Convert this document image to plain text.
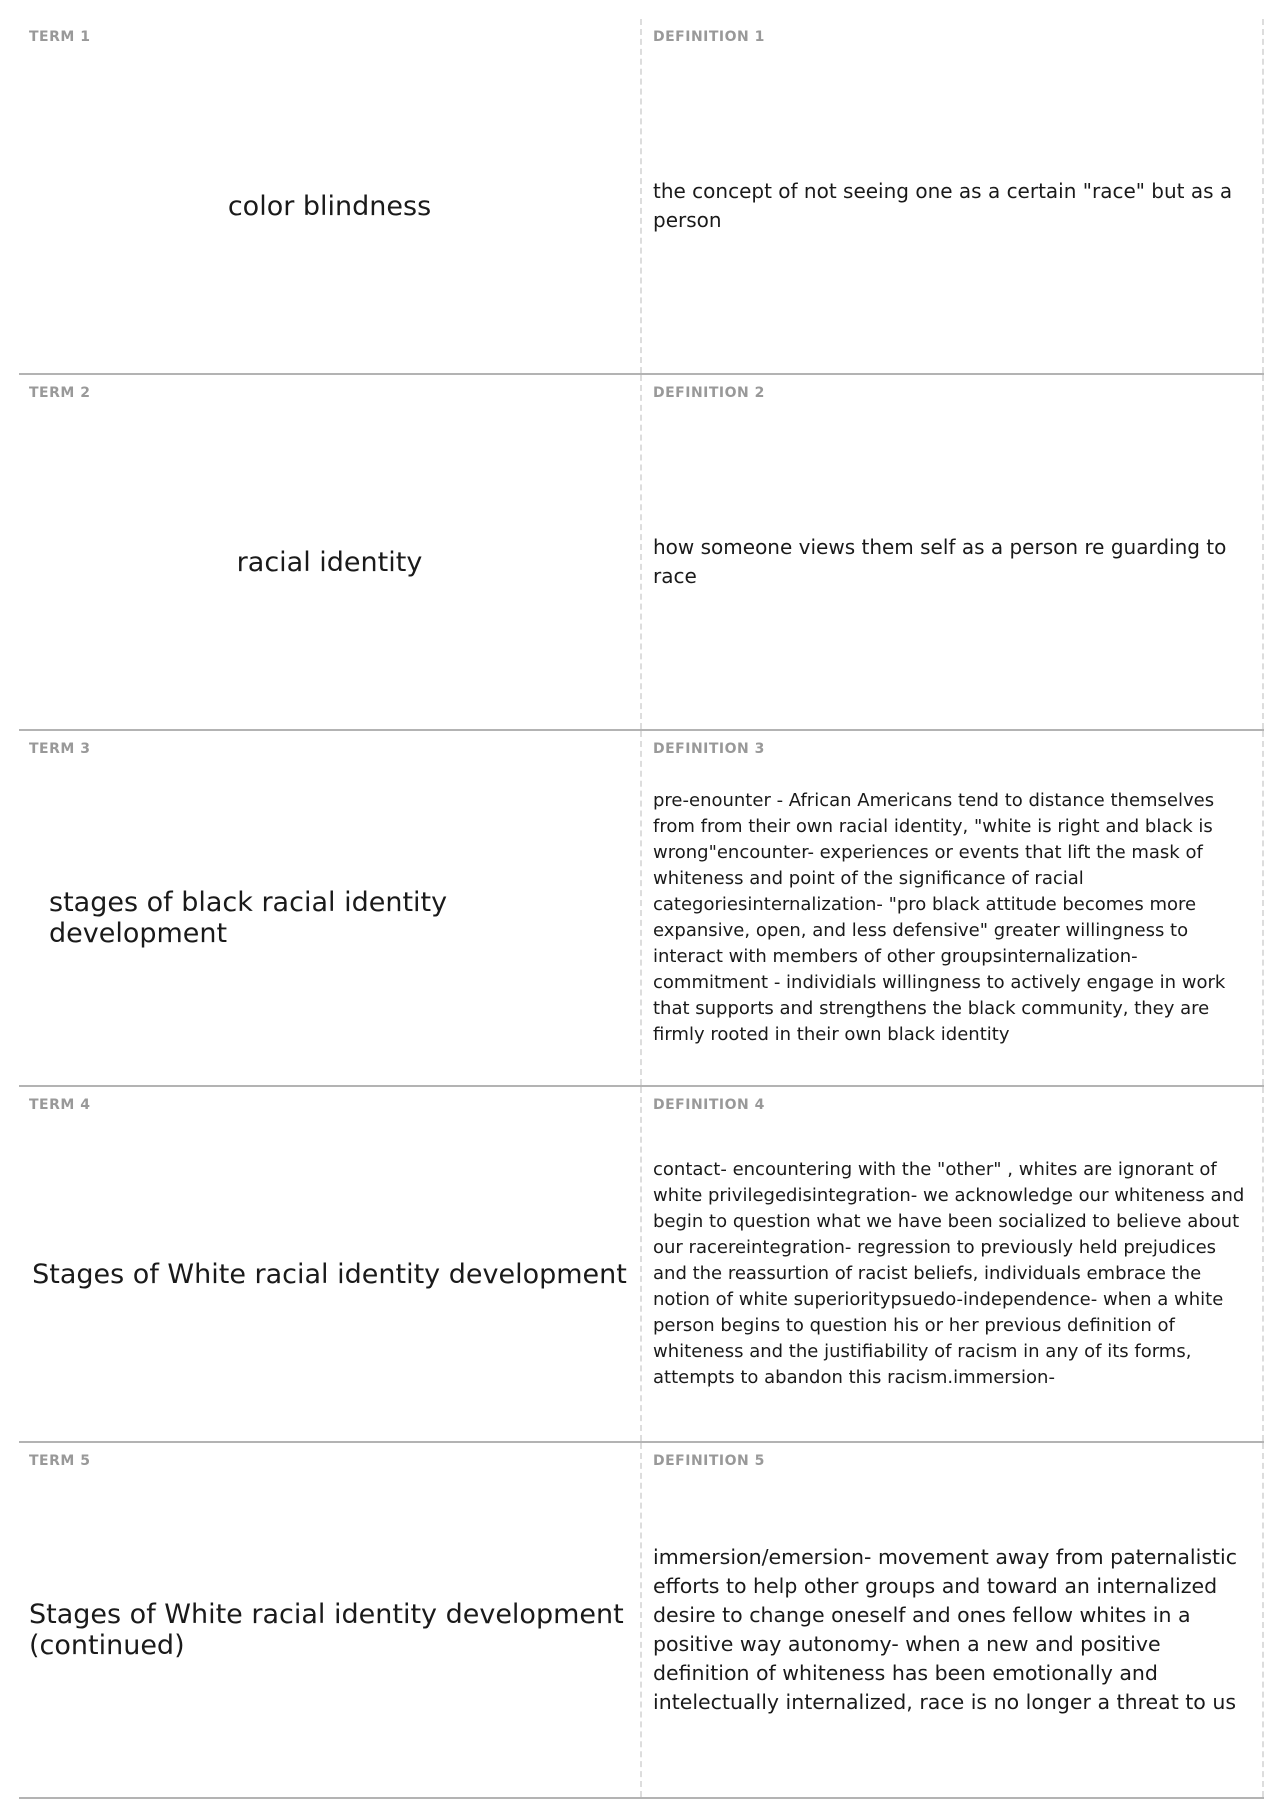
TERM 1
color blindness
DEFINITION 1
the concept of not seeing one as a certain "race" but as a person
TERM 2
racial identity
DEFINITION 2
how someone views them self as a person re guarding to race
TERM 3
stages of black racial identity development
DEFINITION 3
pre-enounter - African Americans tend to distance themselves from from their own racial identity, "white is right and black is wrong"encounter- experiences or events that lift the mask of whiteness and point of the significance of racial categoriesinternalization- "pro black attitude becomes more expansive, open, and less defensive" greater willingness to interact with members of other groupsinternalization- commitment - individials willingness to actively engage in work that supports and strengthens the black community, they are firmly rooted in their own black identity
TERM 4
Stages of White racial identity development
DEFINITION 4
contact- encountering with the "other" , whites are ignorant of white privilegedisintegration- we acknowledge our whiteness and begin to question what we have been socialized to believe about our racereintegration- regression to previously held prejudices and the reassurtion of racist beliefs, individuals embrace the notion of white superioritypsuedo-independence- when a white person begins to question his or her previous definition of whiteness and the justifiability of racism in any of its forms, attempts to abandon this racism.immersion-
TERM 5
Stages of White racial identity development (continued)
DEFINITION 5
immersion/emersion- movement away from paternalistic efforts to help other groups and toward an internalized desire to change oneself and ones fellow whites in a positive way autonomy- when a new and positive definition of whiteness has been emotionally and intelectually internalized, race is no longer a threat to us
